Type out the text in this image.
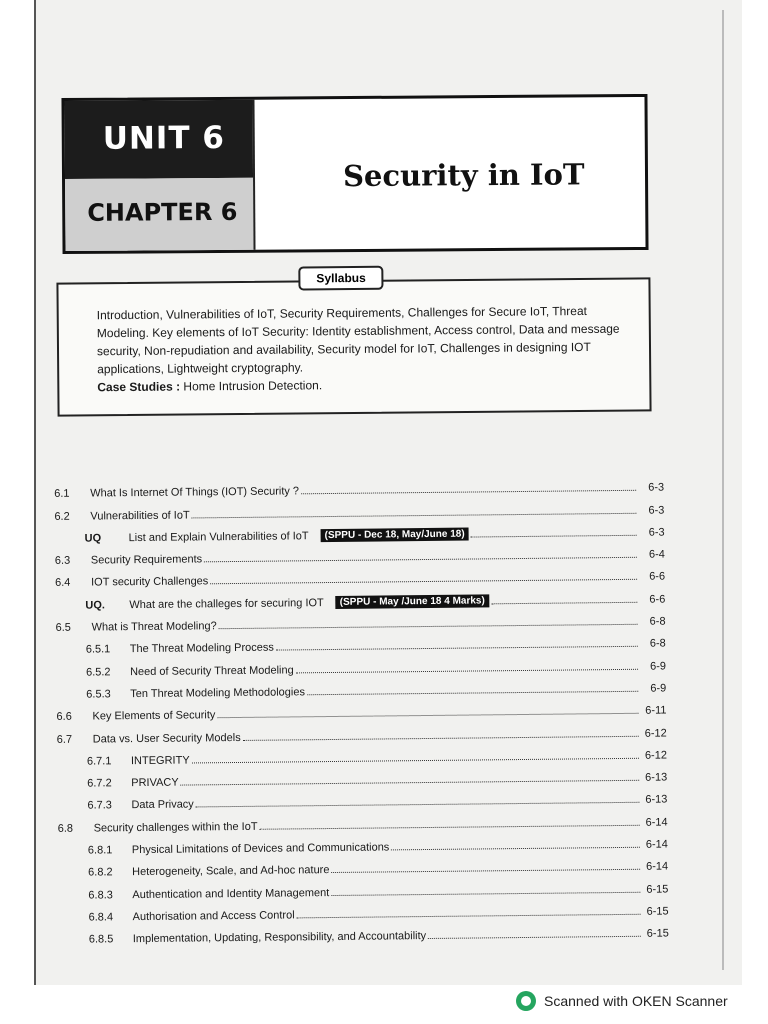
UNIT 6
CHAPTER 6
Security in IoT
Syllabus
Introduction, Vulnerabilities of IoT, Security Requirements, Challenges for Secure IoT, Threat Modeling. Key elements of IoT Security: Identity establishment, Access control, Data and message security, Non-repudiation and availability, Security model for IoT, Challenges in designing IOT applications, Lightweight cryptography.
Case Studies : Home Intrusion Detection.
6.1	What Is Internet Of Things (IOT) Security ?	6-3
6.2	Vulnerabilities of IoT	6-3
UQ	List and Explain Vulnerabilities of IoT	(SPPU - Dec 18, May/June 18)	6-3
6.3	Security Requirements	6-4
6.4	IOT security Challenges	6-6
UQ.	What are the challeges for securing IOT	(SPPU - May /June 18 4 Marks)	6-6
6.5	What is Threat Modeling?	6-8
6.5.1	The Threat Modeling Process	6-8
6.5.2	Need of Security Threat Modeling	6-9
6.5.3	Ten Threat Modeling Methodologies	6-9
6.6	Key Elements of Security	6-11
6.7	Data vs. User Security Models	6-12
6.7.1	INTEGRITY	6-12
6.7.2	PRIVACY	6-13
6.7.3	Data Privacy	6-13
6.8	Security challenges within the IoT	6-14
6.8.1	Physical Limitations of Devices and Communications	6-14
6.8.2	Heterogeneity, Scale, and Ad-hoc nature	6-14
6.8.3	Authentication and Identity Management	6-15
6.8.4	Authorisation and Access Control	6-15
6.8.5	Implementation, Updating, Responsibility, and Accountability	6-15
Scanned with OKEN Scanner
